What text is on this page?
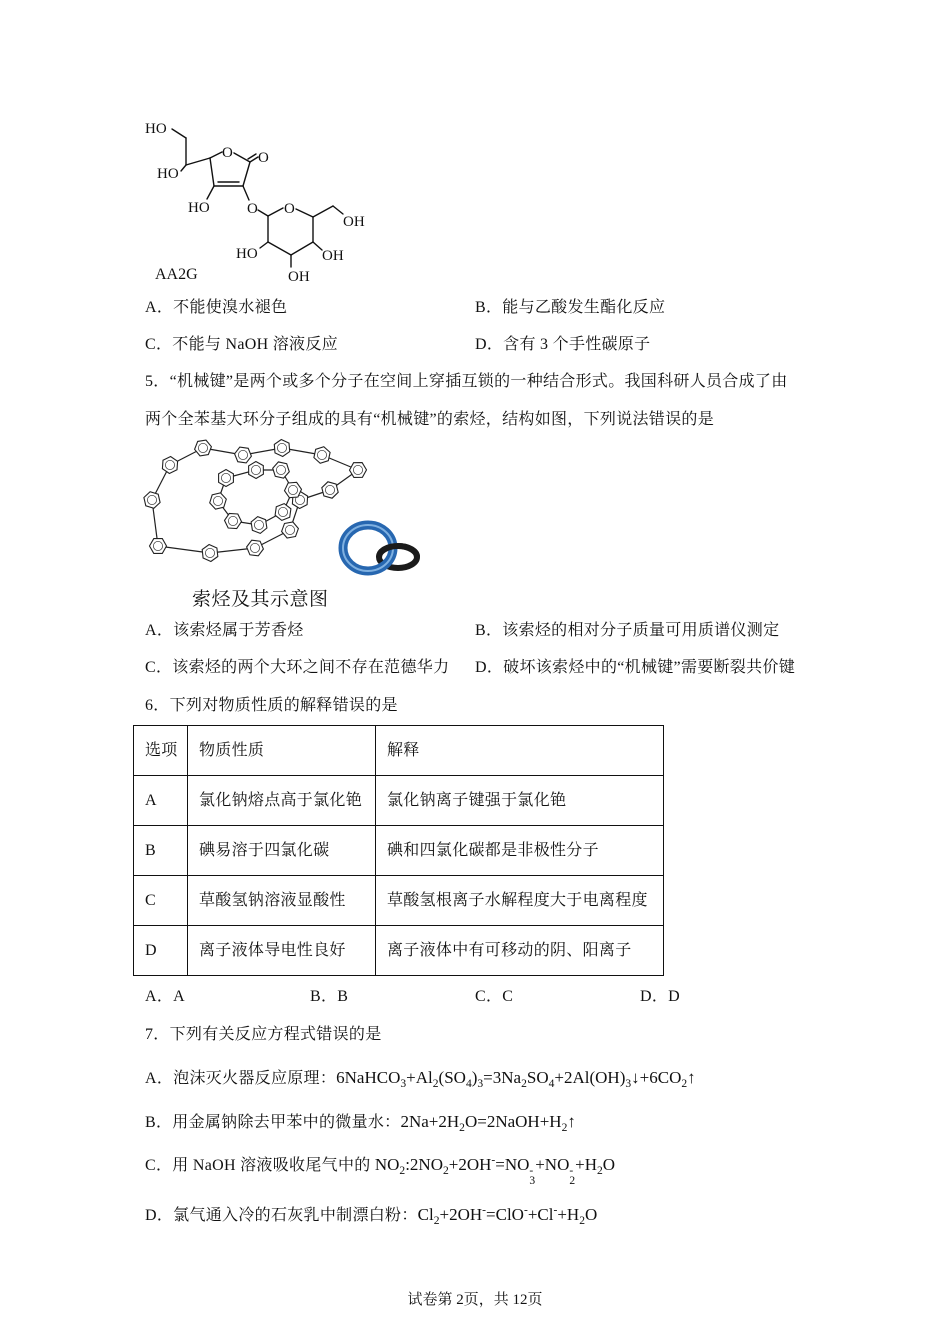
HO
HO
O O
HO O O
OH
HO
OH
OH
AA2G
A．不能使溴水褪色	B．能与乙酸发生酯化反应
C．不能与 NaOH 溶液反应	D．含有 3 个手性碳原子
5．“机械键”是两个或多个分子在空间上穿插互锁的一种结合形式。我国科研人员合成了由
两个全苯基大环分子组成的具有“机械键”的索烃，结构如图，下列说法错误的是
索烃及其示意图
A．该索烃属于芳香烃	B．该索烃的相对分子质量可用质谱仪测定
C．该索烃的两个大环之间不存在范德华力 D．破坏该索烃中的“机械键”需要断裂共价键
6．下列对物质性质的解释错误的是
选项	物质性质	解释
A	氯化钠熔点高于氯化铯	氯化钠离子键强于氯化铯
B	碘易溶于四氯化碳	碘和四氯化碳都是非极性分子
C	草酸氢钠溶液显酸性	草酸氢根离子水解程度大于电离程度
D	离子液体导电性良好	离子液体中有可移动的阴、阳离子
A．A	B．B	C．C	D．D
7．下列有关反应方程式错误的是
A．泡沫灭火器反应原理：$6NaHCO_3+Al_2(SO_4)_3=3Na_2SO_4+2Al(OH)_3↓+6CO_2↑$
B．用金属钠除去甲苯中的微量水：$2Na+2H_2O=2NaOH+H_2↑$
C．用 NaOH 溶液吸收尾气中的 $NO_2:2NO_2+2OH^-=NO$ -
3
+NO -
2
$+H_2O$
D．氯气通入冷的石灰乳中制漂白粉：$Cl_2+2OH^-=ClO^-+Cl^-+H_2O$
试卷第 2页，共 12页
